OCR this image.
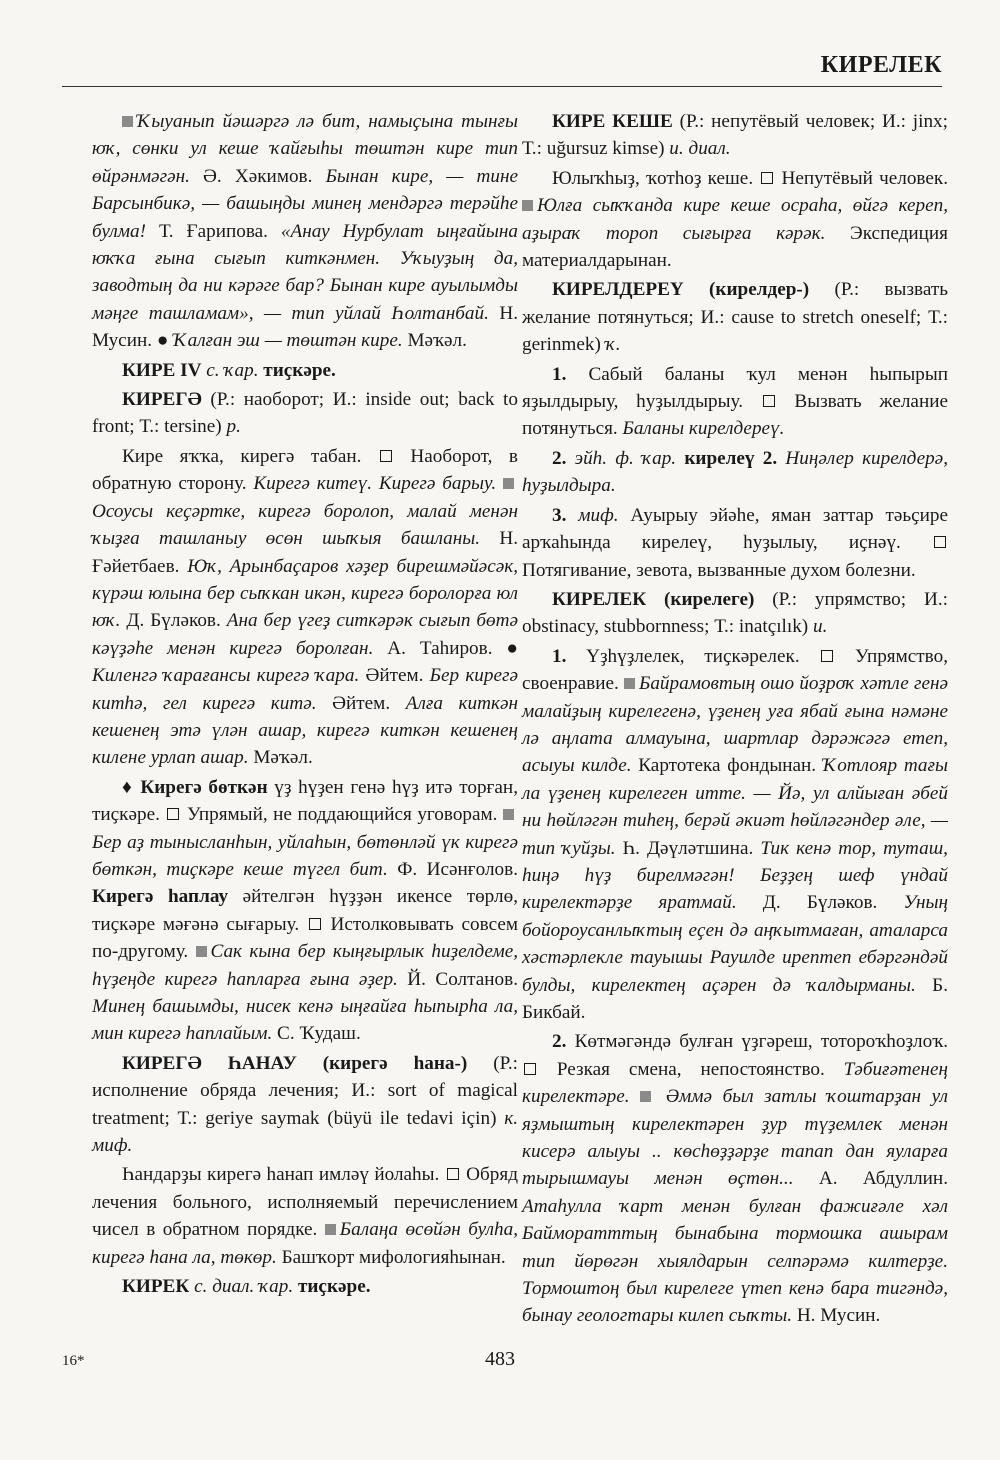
КИРЕЛЕК

Ҡыуанып йәшәргә лә бит, намыҫына тынғы юҡ, сөнки ул кеше ҡайғыһы төштән кире тип өйрәнмәгән. Ә. Хәкимов. Бынан кире, — тине Барсынбикә, — башыңды минең мендәргә терәйһе булма! Т. Ғарипова. «Анау Нурбулат ыңғайына юҡҡа ғына сығып киткәнмен. Уҡыуҙың да, заводтың да ни кәрәге бар? Бынан кире ауылымды мәңге ташламам», — тип уйлай Һолтанбай. Н. Мусин. ● Ҡалған эш — төштән кире. Мәҡәл.

КИРЕ IV с. ҡар. тиҫкәре.

КИРЕГӘ (Р.: наоборот; И.: inside out; back to front; Т.: tersine) р.

Кире яҡҡа, кирегә табан.  Наоборот, в обратную сторону. Кирегә китеү. Кирегә барыу.  Осоусы кеҫәртке, кирегә боролоп, малай менән ҡыҙға ташланыу өсөн шыҡыя башланы. Н. Ғәйетбаев. Юҡ, Арынбаҫаров хәҙер бирешмәйәсәк, күрәш юлына бер сыҡкан икән, кирегә боролорға юл юҡ. Д. Бүләков. Ана бер үгеҙ ситкәрәк сығып бөтә кәүҙәһе менән кирегә боролған. А. Таһиров. ● Киленгә ҡарағансы кирегә ҡара. Әйтем. Бер кирегә китһә, гел кирегә китә. Әйтем. Алға киткән кешенең этә үлән ашар, кирегә киткән кешенең килене урлап ашар. Мәҡәл.

♦ Кирегә бөткән үҙ һүҙен генә һүҙ итә торған, тиҫкәре.  Упрямый, не поддающийся уговорам. Бер аҙ тынысланһын, уйлаһын, бөтөнләй үк кирегә бөткән, тиҫкәре кеше түгел бит. Ф. Исәнғолов. Кирегә һаплау әйтелгән һүҙҙән икенсе төрлө, тиҫкәре мәғәнә сығарыу.  Истолковывать совсем по-другому. Сак кына бер кыңғырлык һиҙелдеме, һүҙеңде кирегә һапларға ғына әҙер. Й. Солтанов. Минең башымды, нисек кенә ыңғайға һыпырһа ла, мин кирегә һаплайым. С. Ҡудаш.

КИРЕГӘ ҺАНАУ (кирегә һана-) (Р.: исполнение обряда лечения; И.: sort of magical treatment; Т.: geriye saymak (büyü ile tedavi için) к. миф.

Һандарҙы кирегә һанап имләү йолаһы.  Обряд лечения больного, исполняемый перечислением чисел в обратном порядке. Балаңа өсөйән булһа, кирегә һана ла, төкөр. Башҡорт мифологияһынан.

КИРЕК с. диал. ҡар. тиҫкәре.

КИРЕ КЕШЕ (Р.: непутёвый человек; И.: jinx; Т.: uğursuz kimse) и. диал.

Юлыҡһыҙ, ҡотһоҙ кеше.  Непутёвый человек. Юлға сыҡҡанда кире кеше осраһа, өйгә кереп, аҙыраҡ тороп сығырға кәрәк. Экспедиция материалдарынан.

КИРЕЛДЕРЕҮ (кирелдер-) (Р.: вызвать желание потянуться; И.: cause to stretch oneself; Т.: gerinmek) ҡ.

1. Сабый баланы ҡул менән һыпырып яҙылдырыу, һуҙылдырыу.  Вызвать желание потянуться. Баланы кирелдереү.

2. эйһ. ф. ҡар. кирелеү 2. Ниңәлер кирелдерә, һуҙылдыра.

3. миф. Ауырыу эйәһе, яман заттар тәьҫире арҡаһында кирелеү, һуҙылыу, иҫнәү.  Потягивание, зевота, вызванные духом болезни.

КИРЕЛЕК (кирелеге) (Р.: упрямство; И.: obstinacy, stubbornness; Т.: inatçılık) и.

1. Үҙһүҙлелек, тиҫкәрелек.  Упрямство, своенравие. Байрамовтың ошо йоҙроҡ хәтле генә малайҙың кирелегенә, үҙенең уға ябай ғына нәмәне лә аңлата алмауына, шартлар дәрәжәгә етеп, асыуы килде. Картотека фондынан. Ҡотлояр тағы ла үҙенең кирелеген итте. — Йә, ул алйыған әбей ни һөйләгән тиһең, берәй әкиәт һөйләгәндер әле, — тип ҡуйҙы. Һ. Дәүләтшина. Тик кенә тор, туташ, һиңә һүҙ бирелмәгән! Беҙҙең шеф үндай кирелектәрҙе яратмай. Д. Бүләков. Уның бойороусанлыҡтың еҫен дә аңҡытмаған, аталарса хәстәрлекле тауышы Рауилде ирептеп ебәргәндәй булды, кирелектең аҫәрен дә ҡалдырманы. Б. Бикбай.

2. Көтмәгәндә булған үҙгәреш, тотороҡһоҙлоҡ.  Резкая смена, непостоянство. Тәбиғәтенең кирелектәре.  Әммә был затлы ҡоштарҙан ул яҙмыштың кирелектәрен ҙур түҙемлек менән кисерә алыуы .. көсһөҙҙәрҙе тапап дан яуларға тырышмауы менән өҫтөн... А. Абдуллин. Атаһулла ҡарт менән булған фажиғәле хәл Байморатттың бынабына тормошка ашырам тип йөрөгән хыялдарын селпәрәмә килтерҙе. Тормоштоң был кирелеге үтеп кенә бара тигәндә, бынау геологтары килеп сыҡты. Н. Мусин.

16*	483
